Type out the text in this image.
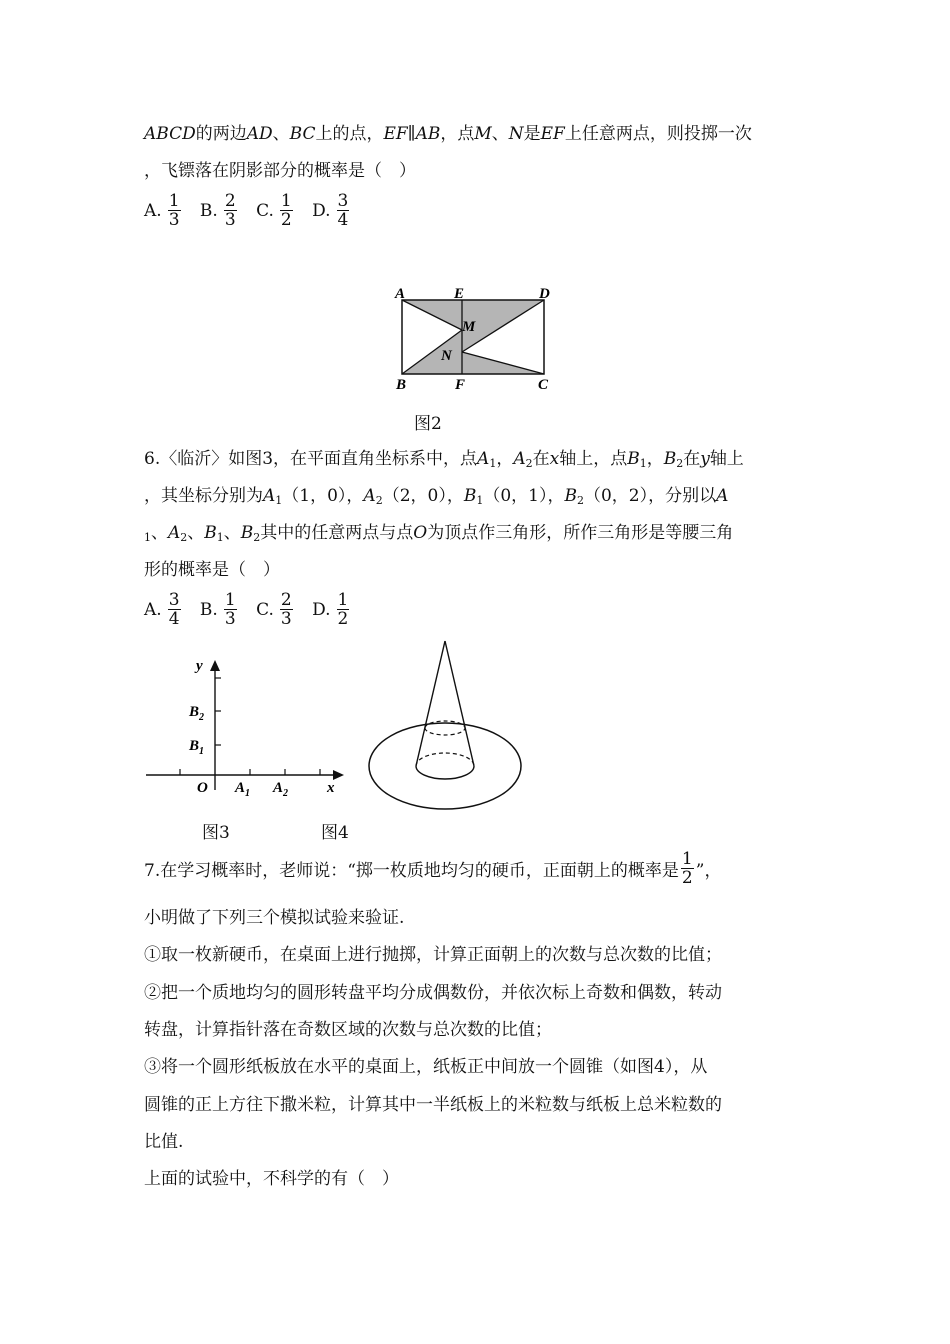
ABCD的两边AD、BC上的点，EF∥AB，点M、N是EF上任意两点，则投掷一次
，飞镖落在阴影部分的概率是（　）
A. $\frac{1}{3}$
B. $\frac{2}{3}$
C. $\frac{1}{2}$
D. $\frac{3}{4}$
A	E	D
M
N
B	F	C
图2
6.〈临沂〉如图3，在平面直角坐标系中，点$A_1$，$A_2$在x轴上，点$B_1$，$B_2$在y轴上
，其坐标分别为$A_1(1$，0），$A_2(2$，0），$B_1(0$，1），$B_2(0$，2），分别以A
$_1$、$A_2$、$B_1$、$B_2$其中的任意两点与点O为顶点作三角形，所作三角形是等腰三角
形的概率是（　）
A. $\frac{3}{4}$
B. $\frac{1}{3}$
C. $\frac{2}{3}$
D. $\frac{1}{2}$
y
$B_2$
$B_1$
O $A_1$ $A_2$	x
图3	图4
7.在学习概率时，老师说：“掷一枚质地均匀的硬币，正面朝上的概率是 $\frac{1}{2}$ ”，
小明做了下列三个模拟试验来验证.
①取一枚新硬币，在桌面上进行抛掷，计算正面朝上的次数与总次数的比值；
②把一个质地均匀的圆形转盘平均分成偶数份，并依次标上奇数和偶数，转动
转盘，计算指针落在奇数区域的次数与总次数的比值；
③将一个圆形纸板放在水平的桌面上，纸板正中间放一个圆锥（如图4），从
圆锥的正上方往下撒米粒，计算其中一半纸板上的米粒数与纸板上总米粒数的
比值.
上面的试验中，不科学的有（　）
